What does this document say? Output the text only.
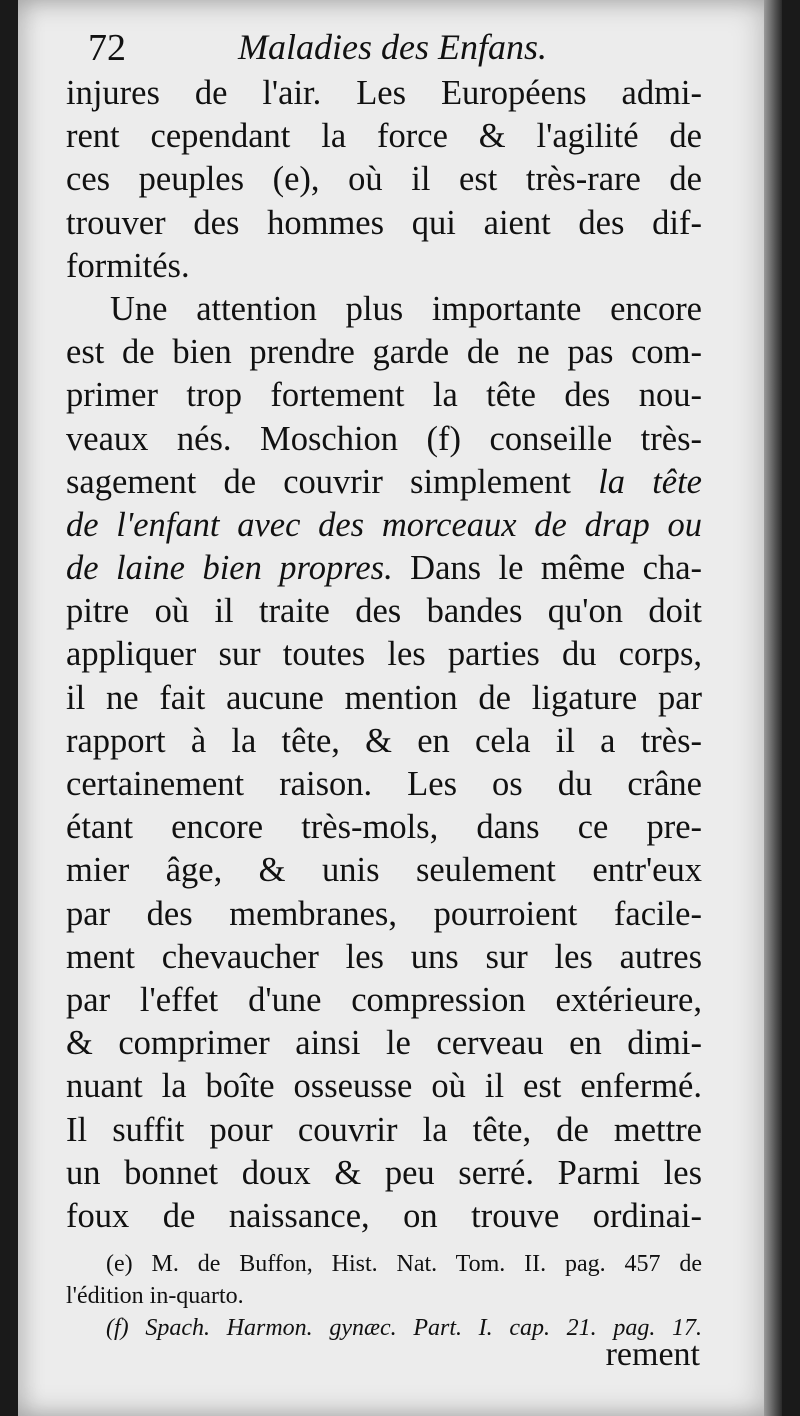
72	Maladies des Enfans.
injures de l'air. Les Européens admi-
rent cependant la force & l'agilité de
ces peuples (e), où il est très-rare de
trouver des hommes qui aient des dif-
formités.
Une attention plus importante encore
est de bien prendre garde de ne pas com-
primer trop fortement la tête des nou-
veaux nés. Moschion (f) conseille très-
sagement de couvrir simplement la tête
de l'enfant avec des morceaux de drap ou
de laine bien propres. Dans le même cha-
pitre où il traite des bandes qu'on doit
appliquer sur toutes les parties du corps,
il ne fait aucune mention de ligature par
rapport à la tête, & en cela il a très-
certainement raison. Les os du crâne
étant encore très-mols, dans ce pre-
mier âge, & unis seulement entr'eux
par des membranes, pourroient facile-
ment chevaucher les uns sur les autres
par l'effet d'une compression extérieure,
& comprimer ainsi le cerveau en dimi-
nuant la boîte osseusse où il est enfermé.
Il suffit pour couvrir la tête, de mettre
un bonnet doux & peu serré. Parmi les
foux de naissance, on trouve ordinai-
(e) M. de Buffon, Hist. Nat. Tom. II. pag. 457 de
l'édition in-quarto.
(f) Spach. Harmon. gynæc. Part. I. cap. 21. pag. 17.
rement
